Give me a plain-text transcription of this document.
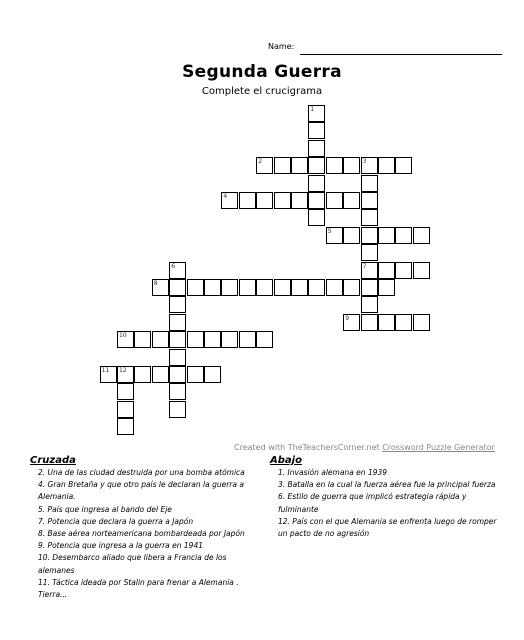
Name:
Segunda Guerra
Complete el crucigrama
2
4
5
7
8
9
10
11
1
3
6
12
Created with TheTeachersCorner.net Crossword Puzzle Generator
Cruzada
2. Una de las ciudad destruida por una bomba atómica
4. Gran Bretaña y que otro país le declaran la guerra a Alemania.
5. País que ingresa al bando del Eje
7. Potencia que declara la guerra a Japón
8. Base aérea norteamericana bombardeada por Japón
9. Potencia que ingresa a la guerra en 1941
10. Desembarco aliado que libera a Francia de los alemanes
11. Táctica ideada por Stalin para frenar a Alemania . Tierra...
Abajo
1. Invasión alemana en 1939
3. Batalla en la cual la fuerza aérea fue la principal fuerza
6. Estilo de guerra que implicó estrategia rápida y fulminante
12. País con el que Alemania se enfrenta luego de romper un pacto de no agresión
